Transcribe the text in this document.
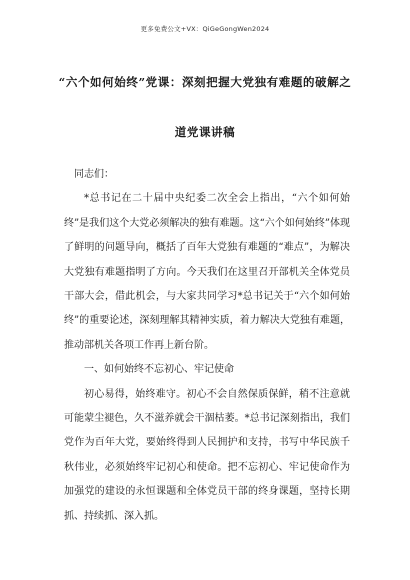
更多免费公文+VX：QiGeGongWen2024
“六个如何始终”党课：深刻把握大党独有难题的破解之
道党课讲稿

同志们：

*总书记在二十届中央纪委二次全会上指出，“六个如何始终”是我们这个大党必须解决的独有难题。这“六个如何始终”体现了鲜明的问题导向，概括了百年大党独有难题的“难点”，为解决大党独有难题指明了方向。今天我们在这里召开部机关全体党员干部大会，借此机会，与大家共同学习*总书记关于“六个如何始终”的重要论述，深刻理解其精神实质，着力解决大党独有难题，推动部机关各项工作再上新台阶。

一、如何始终不忘初心、牢记使命

初心易得，始终难守。初心不会自然保质保鲜，稍不注意就可能蒙尘褪色，久不滋养就会干涸枯萎。*总书记深刻指出，我们党作为百年大党，要始终得到人民拥护和支持，书写中华民族千秋伟业，必须始终牢记初心和使命。把不忘初心、牢记使命作为加强党的建设的永恒课题和全体党员干部的终身课题，坚持长期抓、持续抓、深入抓。
